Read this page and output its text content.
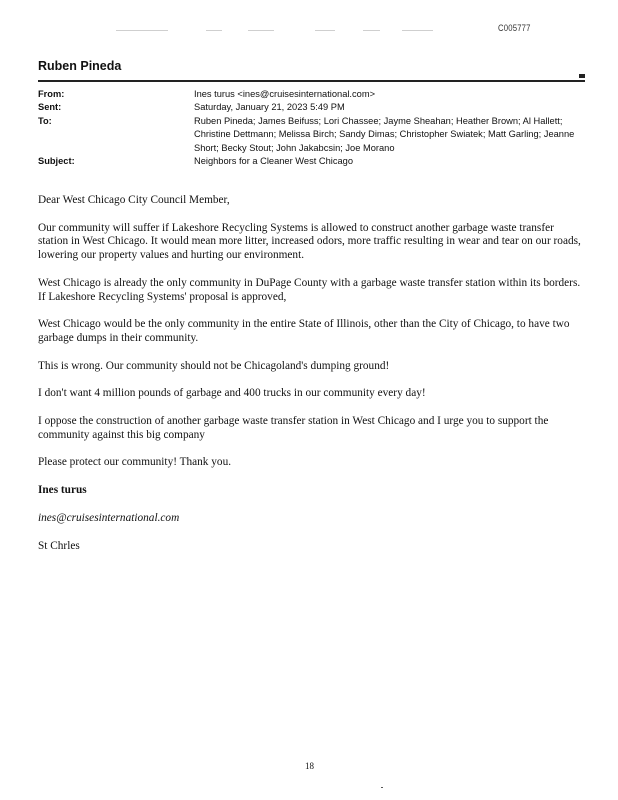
C005777
Ruben Pineda
From:	Ines turus <ines@cruisesinternational.com>
Sent:	Saturday, January 21, 2023 5:49 PM
To:	Ruben Pineda; James Beifuss; Lori Chassee; Jayme Sheahan; Heather Brown; Al Hallett; Christine Dettmann; Melissa Birch; Sandy Dimas; Christopher Swiatek; Matt Garling; Jeanne Short; Becky Stout; John Jakabcsin; Joe Morano
Subject:	Neighbors for a Cleaner West Chicago

Dear West Chicago City Council Member,

Our community will suffer if Lakeshore Recycling Systems is allowed to construct another garbage waste transfer station in West Chicago. It would mean more litter, increased odors, more traffic resulting in wear and tear on our roads, lowering our property values and hurting our environment.

West Chicago is already the only community in DuPage County with a garbage waste transfer station within its borders. If Lakeshore Recycling Systems' proposal is approved,

West Chicago would be the only community in the entire State of Illinois, other than the City of Chicago, to have two garbage dumps in their community.

This is wrong. Our community should not be Chicagoland's dumping ground!

I don't want 4 million pounds of garbage and 400 trucks in our community every day!

I oppose the construction of another garbage waste transfer station in West Chicago and I urge you to support the community against this big company

Please protect our community! Thank you.

Ines turus

ines@cruisesinternational.com

St Chrles

18
